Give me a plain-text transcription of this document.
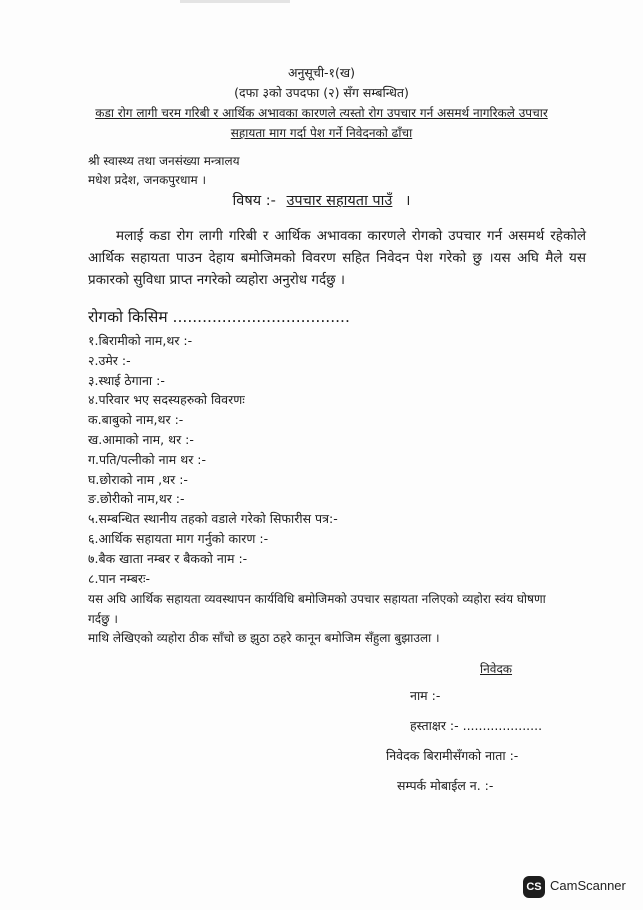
अनुसूची-१(ख)
(दफा ३को उपदफा (२) सँग सम्बन्धित)
कडा रोग लागी चरम गरिबी र आर्थिक अभावका कारणले त्यस्तो रोग उपचार गर्न असमर्थ नागरिकले उपचार
सहायता माग गर्दा पेश गर्ने निवेदनको ढाँचा
श्री स्वास्थ्य तथा जनसंख्या मन्त्रालय
मधेश प्रदेश, जनकपुरधाम ।
विषय :- उपचार सहायता पाउँ ।
मलाई कडा रोग लागी गरिबी र आर्थिक अभावका कारणले रोगको उपचार गर्न असमर्थ रहेकोले आर्थिक सहायता पाउन देहाय बमोजिमको विवरण सहित निवेदन पेश गरेको छु ।यस अघि मैले यस प्रकारको सुविधा प्राप्त नगरेको व्यहोरा अनुरोध गर्दछु ।
रोगको किसिम ....................................
१.बिरामीको नाम,थर :-
२.उमेर :-
३.स्थाई ठेगाना :-
४.परिवार भए सदस्यहरुको विवरणः
क.बाबुको नाम,थर :-
ख.आमाको नाम, थर :-
ग.पति/पत्नीको नाम थर :-
घ.छोराको नाम ,थर :-
ङ.छोरीको नाम,थर :-
५.सम्बन्धित स्थानीय तहको वडाले गरेको सिफारीस पत्र:-
६.आर्थिक सहायता माग गर्नुको कारण :-
७.बैक खाता नम्बर र बैकको नाम :-
८.पान नम्बरः-
यस अघि आर्थिक सहायता व्यवस्थापन कार्यविधि बमोजिमको उपचार सहायता नलिएको व्यहोरा स्वंय घोषणा
गर्दछु ।
माथि लेखिएको व्यहोरा ठीक साँचो छ झुठा ठहरे कानून बमोजिम सँहुला बुझाउला ।
निवेदक
नाम :-
हस्ताक्षर :- ....................
निवेदक बिरामीसँगको नाता :-
सम्पर्क मोबाईल न. :-
CS CamScanner
